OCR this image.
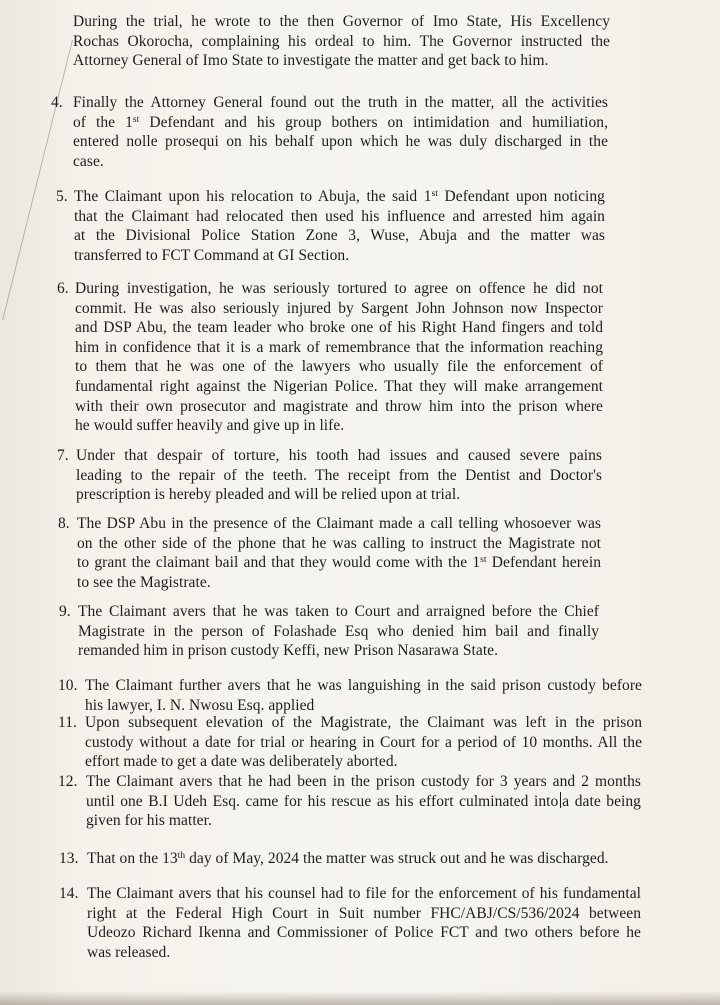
During the trial, he wrote to the then Governor of Imo State, His Excellency
Rochas Okorocha, complaining his ordeal to him. The Governor instructed the
Attorney General of Imo State to investigate the matter and get back to him.
4. Finally the Attorney General found out the truth in the matter, all the activities
of the 1st Defendant and his group bothers on intimidation and humiliation,
entered nolle prosequi on his behalf upon which he was duly discharged in the
case.
5. The Claimant upon his relocation to Abuja, the said 1st Defendant upon noticing
that the Claimant had relocated then used his influence and arrested him again
at the Divisional Police Station Zone 3, Wuse, Abuja and the matter was
transferred to FCT Command at GI Section.
6. During investigation, he was seriously tortured to agree on offence he did not
commit. He was also seriously injured by Sargent John Johnson now Inspector
and DSP Abu, the team leader who broke one of his Right Hand fingers and told
him in confidence that it is a mark of remembrance that the information reaching
to them that he was one of the lawyers who usually file the enforcement of
fundamental right against the Nigerian Police. That they will make arrangement
with their own prosecutor and magistrate and throw him into the prison where
he would suffer heavily and give up in life.
7. Under that despair of torture, his tooth had issues and caused severe pains
leading to the repair of the teeth. The receipt from the Dentist and Doctor's
prescription is hereby pleaded and will be relied upon at trial.
8. The DSP Abu in the presence of the Claimant made a call telling whosoever was
on the other side of the phone that he was calling to instruct the Magistrate not
to grant the claimant bail and that they would come with the 1st Defendant herein
to see the Magistrate.
9. The Claimant avers that he was taken to Court and arraigned before the Chief
Magistrate in the person of Folashade Esq who denied him bail and finally
remanded him in prison custody Keffi, new Prison Nasarawa State.
10. The Claimant further avers that he was languishing in the said prison custody before
his lawyer, I. N. Nwosu Esq. applied
11. Upon subsequent elevation of the Magistrate, the Claimant was left in the prison
custody without a date for trial or hearing in Court for a period of 10 months. All the
effort made to get a date was deliberately aborted.
12. The Claimant avers that he had been in the prison custody for 3 years and 2 months
until one B.I Udeh Esq. came for his rescue as his effort culminated into a date being
given for his matter.
13. That on the 13th day of May, 2024 the matter was struck out and he was discharged.
14. The Claimant avers that his counsel had to file for the enforcement of his fundamental
right at the Federal High Court in Suit number FHC/ABJ/CS/536/2024 between
Udeozo Richard Ikenna and Commissioner of Police FCT and two others before he
was released.
